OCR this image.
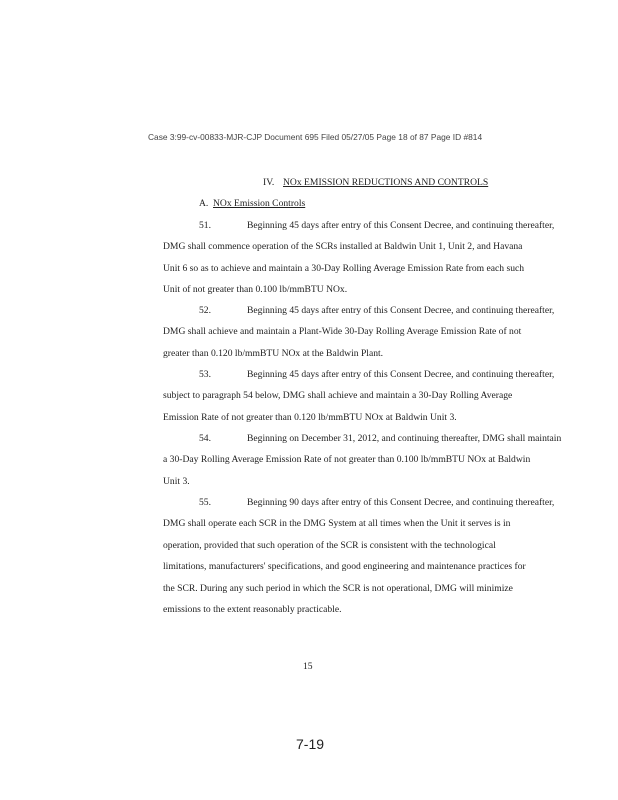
Case 3:99-cv-00833-MJR-CJP Document 695 Filed 05/27/05 Page 18 of 87 Page ID #814
IV. NOx EMISSION REDUCTIONS AND CONTROLS
A. NOx Emission Controls
51.	Beginning 45 days after entry of this Consent Decree, and continuing thereafter,
DMG shall commence operation of the SCRs installed at Baldwin Unit 1, Unit 2, and Havana
Unit 6 so as to achieve and maintain a 30-Day Rolling Average Emission Rate from each such
Unit of not greater than 0.100 lb/mmBTU NOx.
52.	Beginning 45 days after entry of this Consent Decree, and continuing thereafter,
DMG shall achieve and maintain a Plant-Wide 30-Day Rolling Average Emission Rate of not
greater than 0.120 lb/mmBTU NOx at the Baldwin Plant.
53.	Beginning 45 days after entry of this Consent Decree, and continuing thereafter,
subject to paragraph 54 below, DMG shall achieve and maintain a 30-Day Rolling Average
Emission Rate of not greater than 0.120 lb/mmBTU NOx at Baldwin Unit 3.
54.	Beginning on December 31, 2012, and continuing thereafter, DMG shall maintain
a 30-Day Rolling Average Emission Rate of not greater than 0.100 lb/mmBTU NOx at Baldwin
Unit 3.
55.	Beginning 90 days after entry of this Consent Decree, and continuing thereafter,
DMG shall operate each SCR in the DMG System at all times when the Unit it serves is in
operation, provided that such operation of the SCR is consistent with the technological
limitations, manufacturers' specifications, and good engineering and maintenance practices for
the SCR. During any such period in which the SCR is not operational, DMG will minimize
emissions to the extent reasonably practicable.
15
7-19
